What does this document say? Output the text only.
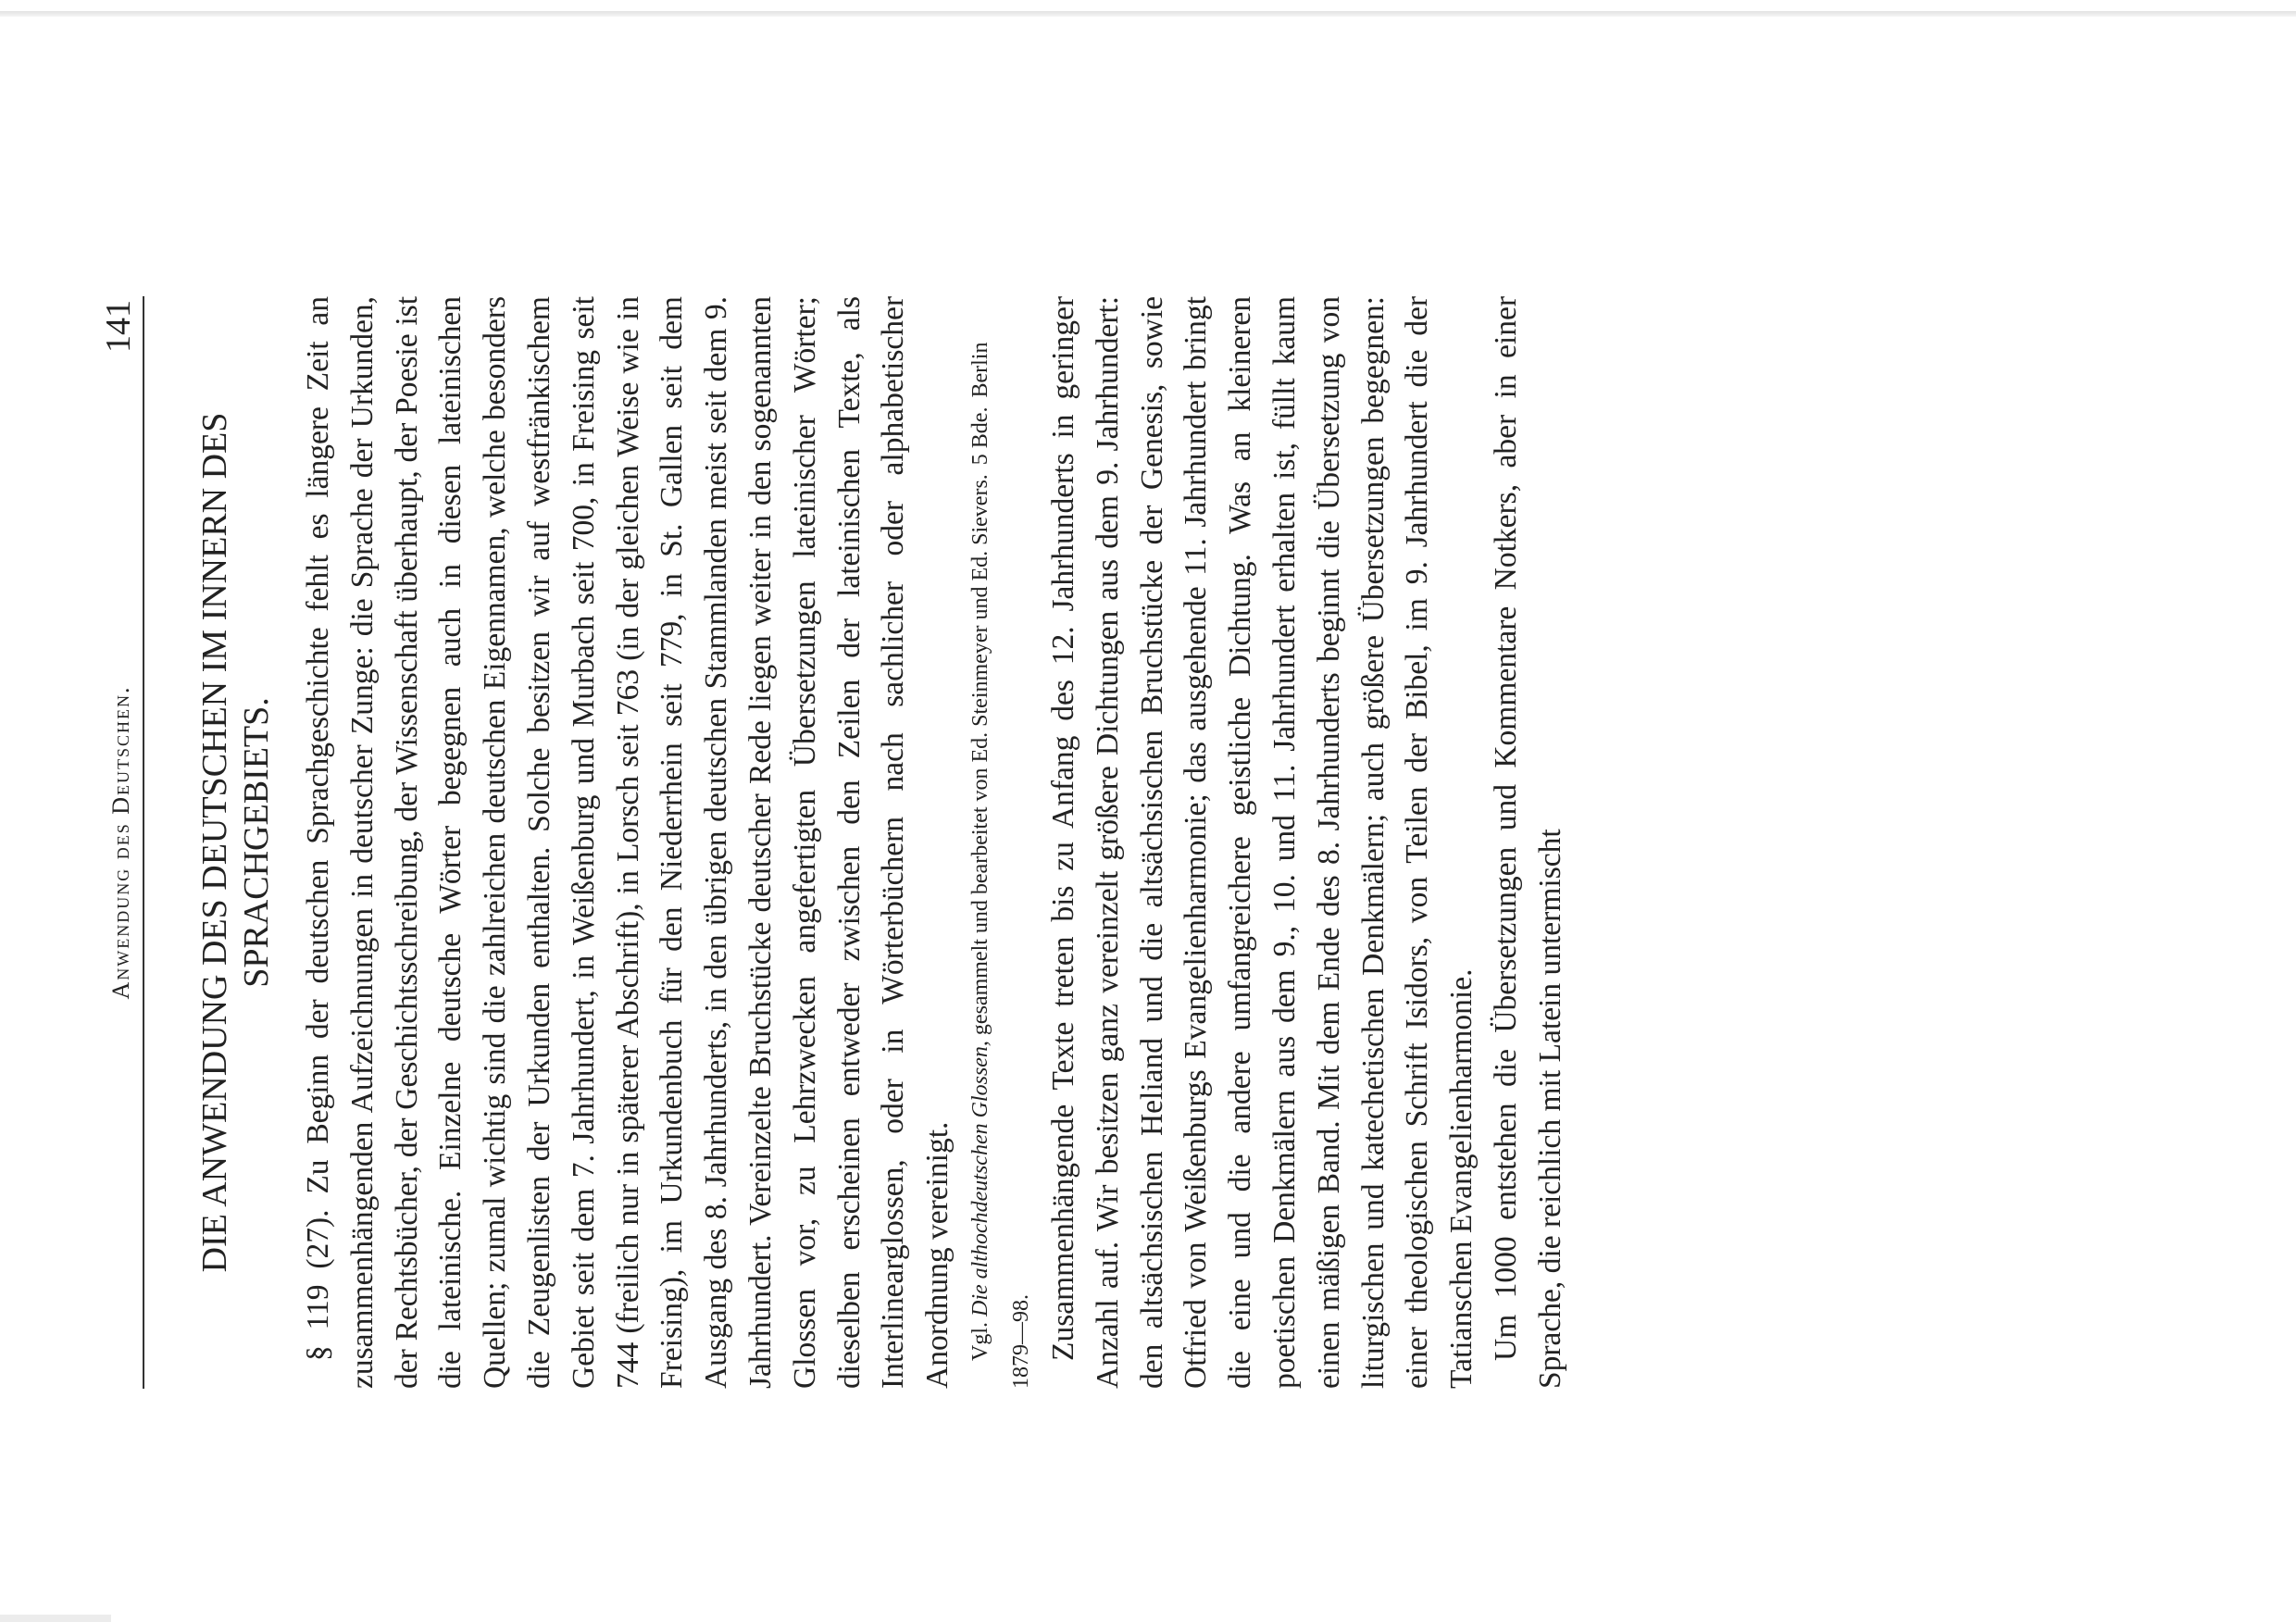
Anwendung des Deutschen.
141
DIE ANWENDUNG DES DEUTSCHEN IM INNERN DES SPRACHGEBIETS. § 119 (27). Zu Beginn der deutschen Sprachgeschichte fehlt es längere Zeit an zusammenhängenden Aufzeichnungen in deutscher Zunge: die Sprache der Urkunden, der Rechtsbücher, der Geschichtsschreibung, der Wissenschaft überhaupt, der Poesie ist die lateinische. Einzelne deutsche Wörter begegnen auch in diesen lateinischen Quellen; zumal wichtig sind die zahlreichen deutschen Eigennamen, welche besonders die Zeugenlisten der Urkunden enthalten. Solche besitzen wir auf westfränkischem Gebiet seit dem 7. Jahrhundert, in Weißenburg und Murbach seit 700, in Freising seit 744 (freilich nur in späterer Abschrift), in Lorsch seit 763 (in der gleichen Weise wie in Freising), im Urkundenbuch für den Niederrhein seit 779, in St. Gallen seit dem Ausgang des 8. Jahrhunderts, in den übrigen deutschen Stammlanden meist seit dem 9. Jahrhundert. Vereinzelte Bruchstücke deutscher Rede liegen weiter in den sogenannten Glossen vor, zu Lehrzwecken angefertigten Übersetzungen lateinischer Wörter; dieselben erscheinen entweder zwischen den Zeilen der lateinischen Texte, als Interlinearglossen, oder in Wörterbüchern nach sachlicher oder alphabetischer Anordnung vereinigt. Vgl. Die althochdeutschen Glossen, gesammelt und bearbeitet von Ed. Steinmeyer und Ed. Sievers.5 Bde.Berlin 1879—98. Zusammenhängende Texte treten bis zu Anfang des 12. Jahrhunderts in geringer Anzahl auf. Wir besitzen ganz vereinzelt größere Dichtungen aus dem 9. Jahrhundert: den altsächsischen Heliand und die altsächsischen Bruchstücke der Genesis, sowie Otfried von Weißenburgs Evangelienharmonie; das ausgehende 11. Jahrhundert bringt die eine und die andere umfangreichere geistliche Dichtung. Was an kleineren poetischen Denkmälern aus dem 9., 10. und 11. Jahrhundert erhalten ist, füllt kaum einen mäßigen Band. Mit dem Ende des 8. Jahrhunderts beginnt die Übersetzung von liturgischen und katechetischen Denkmälern; auch größere Übersetzungen begegnen: einer theologischen Schrift Isidors, von Teilen der Bibel, im 9. Jahrhundert die der Tatianschen Evangelienharmonie. Um 1000 entstehen die Übersetzungen und Kommentare Notkers, aber in einer Sprache, die reichlich mit Latein untermischt
